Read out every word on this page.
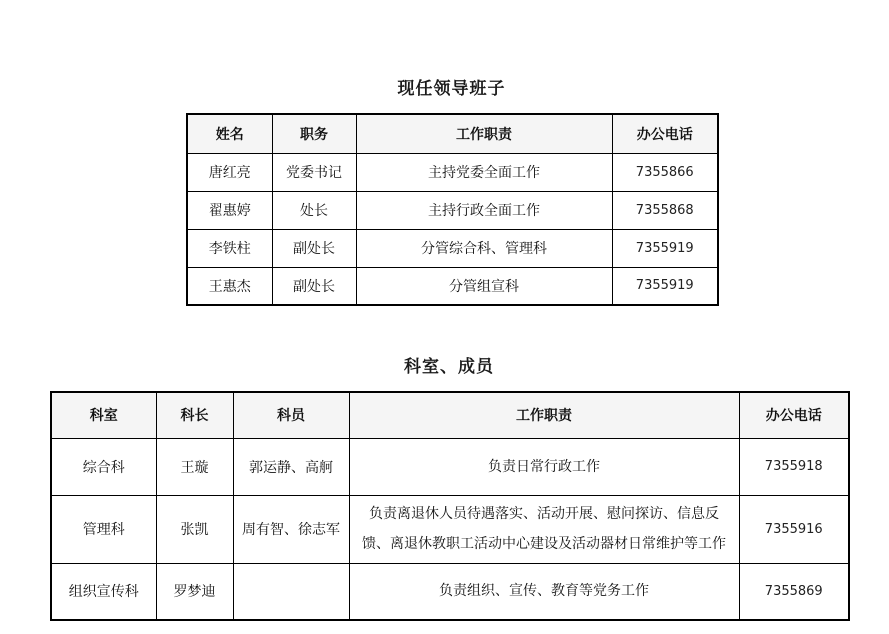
现任领导班子
姓名	职务	工作职责	办公电话
唐红亮	党委书记	主持党委全面工作	7355866
翟惠婷	处长	主持行政全面工作	7355868
李铁柱	副处长	分管综合科、管理科	7355919
王惠杰	副处长	分管组宣科	7355919
科室、成员
科室	科长	科员	工作职责	办公电话
综合科	王璇	郭运静、高舸	负责日常行政工作	7355918
管理科	张凯	周有智、徐志军	负责离退休人员待遇落实、活动开展、慰问探访、信息反馈、离退休教职工活动中心建设及活动器材日常维护等工作	7355916
组织宣传科	罗梦迪		负责组织、宣传、教育等党务工作	7355869
